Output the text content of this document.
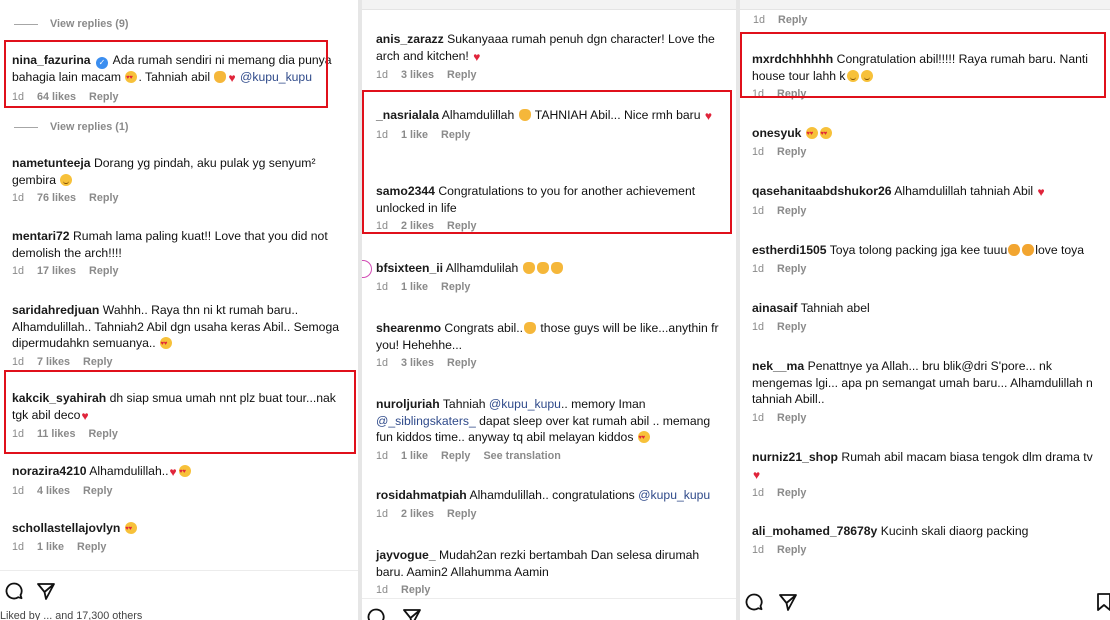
View replies (9)
nina_fazurina ✓ Ada rumah sendiri ni memang dia punya bahagia lain macam ♥ ♥ . Tahniah abil ♥ @kupu_kupu
1d 64 likes Reply
View replies (1)
nametunteeja Dorang yg pindah, aku pulak yg senyum² gembira
1d 76 likes Reply
mentari72 Rumah lama paling kuat!! Love that you did not demolish the arch!!!!
1d 17 likes Reply
saridahredjuan Wahhh.. Raya thn ni kt rumah baru.. Alhamdulillah.. Tahniah2 Abil dgn usaha keras Abil.. Semoga dipermudahkn semuanya.. ♥ ♥
1d 7 likes Reply
kakcik_syahirah dh siap smua umah nnt plz buat tour...nak tgk abil deco♥
1d 11 likes Reply
norazira4210 Alhamdulillah..♥♥ ♥
1d 4 likes Reply
schollastellajovlyn ♥ ♥
1d 1 like Reply
Liked by ... and 17,300 others
anis_zarazz Sukanyaaa rumah penuh dgn character! Love the arch and kitchen! ♥
1d 3 likes Reply
_nasrialala Alhamdulillah TAHNIAH Abil... Nice rmh baru ♥
1d 1 like Reply
samo2344 Congratulations to you for another achievement unlocked in life
1d 2 likes Reply
bfsixteen_ii Allhamdulilah
1d 1 like Reply
shearenmo Congrats abil.. those guys will be like...anythin fr you! Hehehhe...
1d 3 likes Reply
nuroljuriah Tahniah @kupu_kupu.. memory Iman @_siblingskaters_ dapat sleep over kat rumah abil .. memang fun kiddos time.. anyway tq abil melayan kiddos ♥ ♥
1d 1 like Reply See translation
rosidahmatpiah Alhamdulillah.. congratulations @kupu_kupu
1d 2 likes Reply
jayvogue_ Mudah2an rezki bertambah Dan selesa dirumah baru. Aamin2 Allahumma Aamin
1d Reply
1d Reply
mxrdchhhhhh Congratulation abil!!!!! Raya rumah baru. Nanti house tour lahh k
1d Reply
onesyuk ♥ ♥♥ ♥
1d Reply
qasehanitaabdshukor26 Alhamdulillah tahniah Abil ♥
1d Reply
estherdi1505 Toya tolong packing jga kee tuuu love toya
1d Reply
ainasaif Tahniah abel
1d Reply
nek__ma Penattnye ya Allah... bru blik@dri S'pore... nk mengemas lgi... apa pn semangat umah baru... Alhamdulillah n tahniah Abill..
1d Reply
nurniz21_shop Rumah abil macam biasa tengok dlm drama tv ♥
1d Reply
ali_mohamed_78678y Kucinh skali diaorg packing
1d Reply
